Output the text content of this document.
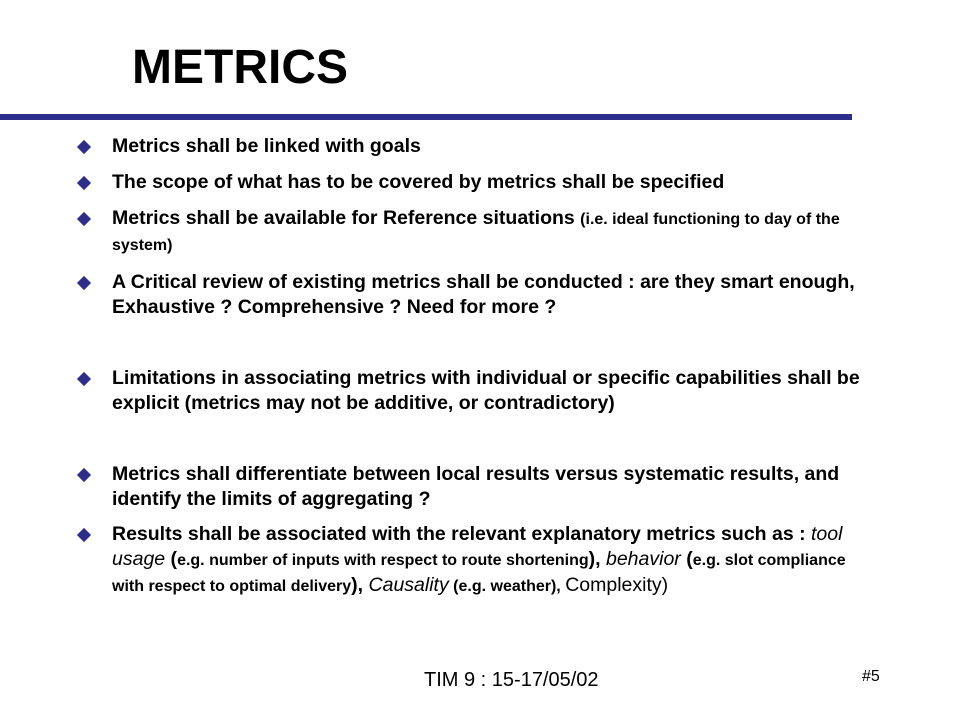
METRICS
Metrics shall be linked with goals
The scope of what has to be covered by metrics shall be specified
Metrics shall be available for Reference situations (i.e. ideal functioning to day of the system)
A Critical review of existing metrics shall be conducted : are they smart enough, Exhaustive ? Comprehensive ? Need for more ?
Limitations in associating metrics with individual or specific capabilities shall be explicit (metrics may not be additive, or contradictory)
Metrics shall differentiate between local results versus systematic results, and identify the limits of aggregating ?
Results shall be associated with the relevant explanatory metrics such as : tool usage (e.g. number of inputs with respect to route shortening), behavior (e.g. slot compliance with respect to optimal delivery), Causality (e.g. weather), Complexity)
TIM 9 : 15-17/05/02	#5
